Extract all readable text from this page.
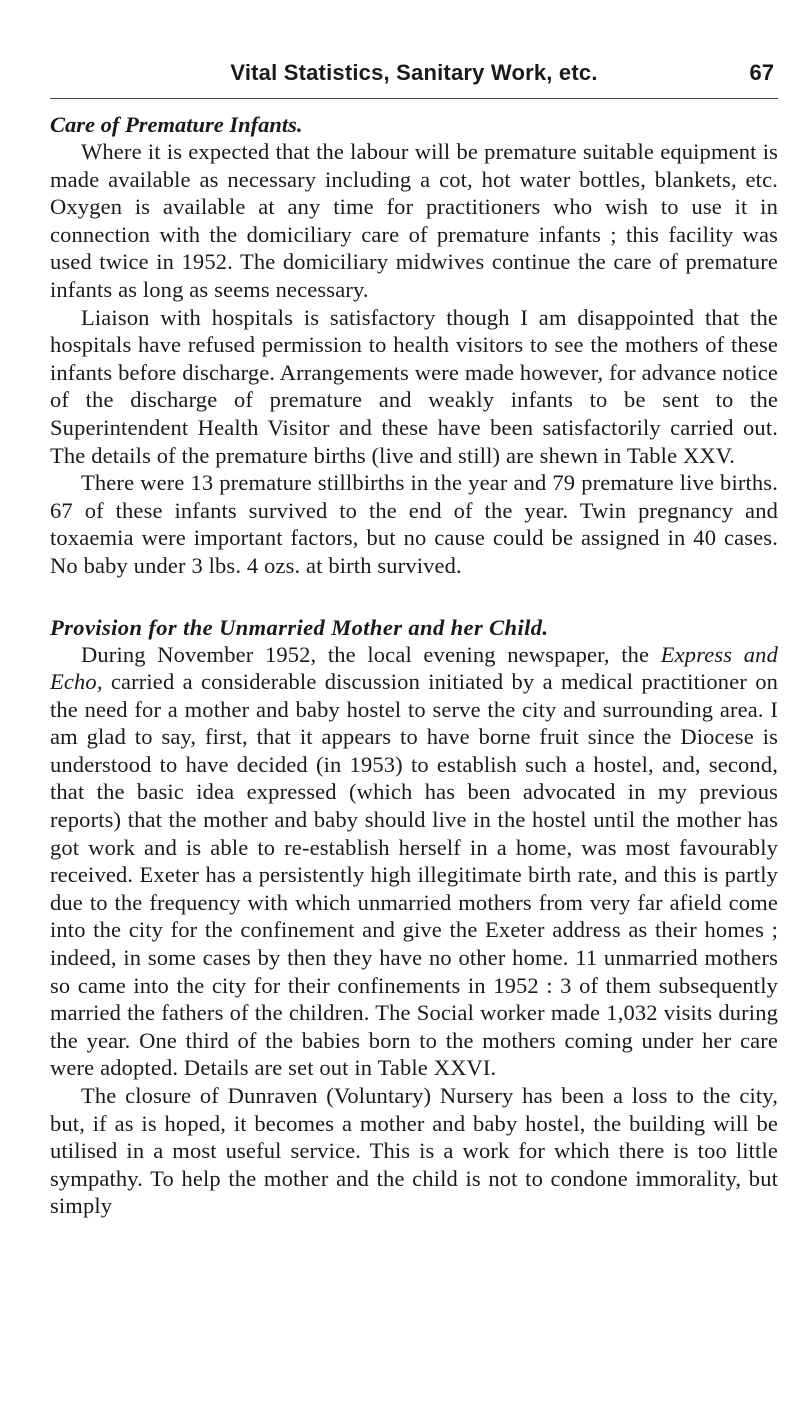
Vital Statistics, Sanitary Work, etc.	67
Care of Premature Infants.

Where it is expected that the labour will be premature suitable equipment is made available as necessary including a cot, hot water bottles, blankets, etc. Oxygen is available at any time for practitioners who wish to use it in connection with the domiciliary care of premature infants ; this facility was used twice in 1952. The domiciliary midwives continue the care of premature infants as long as seems necessary.

Liaison with hospitals is satisfactory though I am disappointed that the hospitals have refused permission to health visitors to see the mothers of these infants before discharge. Arrangements were made however, for advance notice of the discharge of premature and weakly infants to be sent to the Superintendent Health Visitor and these have been satisfactorily carried out. The details of the premature births (live and still) are shewn in Table XXV.

There were 13 premature stillbirths in the year and 79 premature live births. 67 of these infants survived to the end of the year. Twin pregnancy and toxaemia were important factors, but no cause could be assigned in 40 cases. No baby under 3 lbs. 4 ozs. at birth survived.

Provision for the Unmarried Mother and her Child.

During November 1952, the local evening newspaper, the Express and Echo, carried a considerable discussion initiated by a medical practitioner on the need for a mother and baby hostel to serve the city and surrounding area. I am glad to say, first, that it appears to have borne fruit since the Diocese is understood to have decided (in 1953) to establish such a hostel, and, second, that the basic idea expressed (which has been advocated in my previous reports) that the mother and baby should live in the hostel until the mother has got work and is able to re-establish herself in a home, was most favourably received. Exeter has a persistently high illegitimate birth rate, and this is partly due to the frequency with which unmarried mothers from very far afield come into the city for the confinement and give the Exeter address as their homes ; indeed, in some cases by then they have no other home. 11 unmarried mothers so came into the city for their confinements in 1952 : 3 of them subsequently married the fathers of the children. The Social worker made 1,032 visits during the year. One third of the babies born to the mothers coming under her care were adopted. Details are set out in Table XXVI.

The closure of Dunraven (Voluntary) Nursery has been a loss to the city, but, if as is hoped, it becomes a mother and baby hostel, the building will be utilised in a most useful service. This is a work for which there is too little sympathy. To help the mother and the child is not to condone immorality, but simply
